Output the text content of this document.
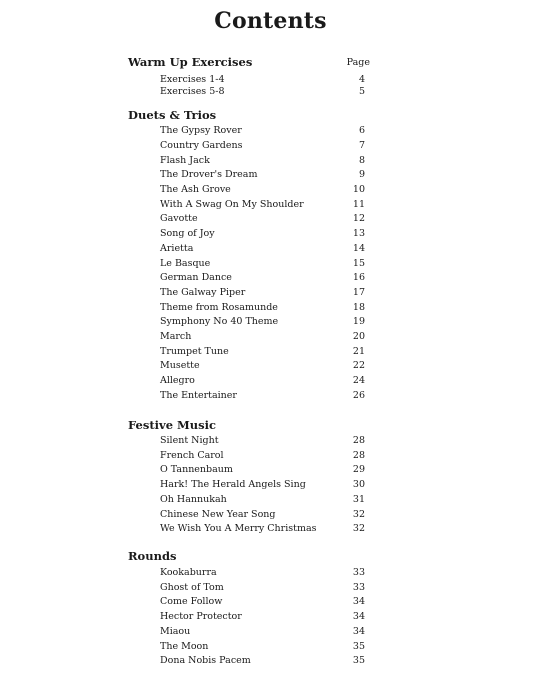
Contents
Warm Up Exercises	Page
Exercises 1-4	4
Exercises 5-8	5
Duets & Trios
The Gypsy Rover	6
Country Gardens	7
Flash Jack	8
The Drover's Dream	9
The Ash Grove	10
With A Swag On My Shoulder	11
Gavotte	12
Song of Joy	13
Arietta	14
Le Basque	15
German Dance	16
The Galway Piper	17
Theme from Rosamunde	18
Symphony No 40 Theme	19
March	20
Trumpet Tune	21
Musette	22
Allegro	24
The Entertainer	26
Festive Music
Silent Night	28
French Carol	28
O Tannenbaum	29
Hark! The Herald Angels Sing	30
Oh Hannukah	31
Chinese New Year Song	32
We Wish You A Merry Christmas	32
Rounds
Kookaburra	33
Ghost of Tom	33
Come Follow	34
Hector Protector	34
Miaou	34
The Moon	35
Dona Nobis Pacem	35
